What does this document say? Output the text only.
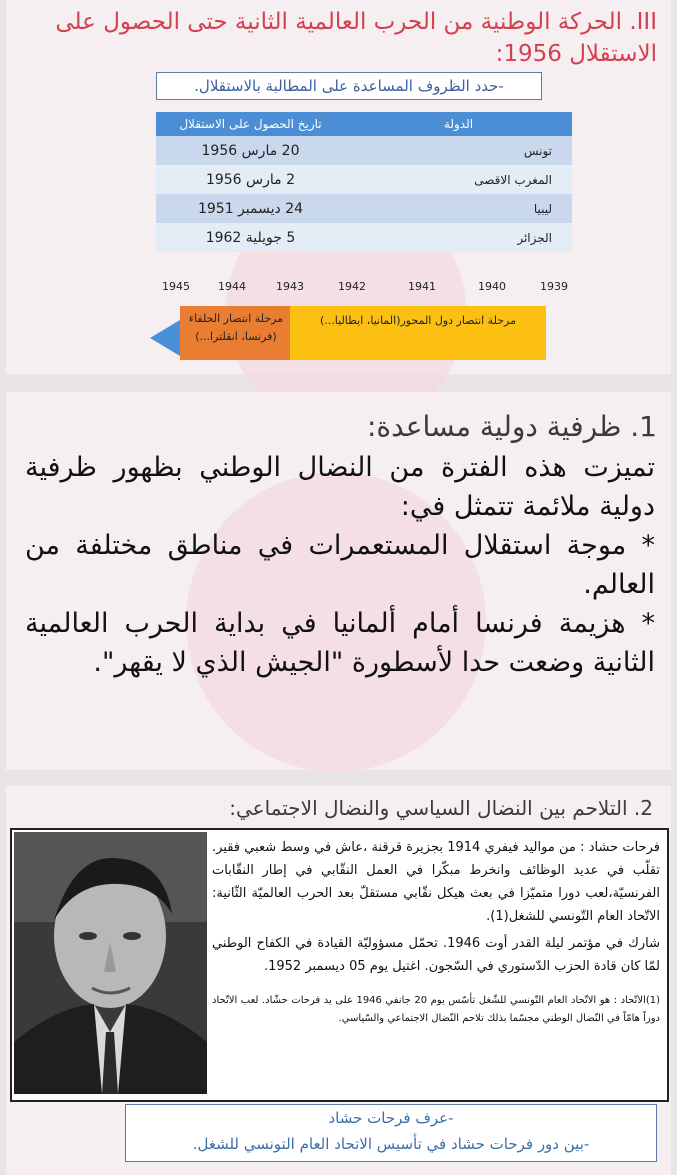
III. الحركة الوطنية من الحرب العالمية الثانية حتى الحصول على الاستقلال 1956:
-حدد الظروف المساعدة على المطالبة بالاستقلال.
الدولة	تاريخ الحصول على الاستقلال
تونس	20 مارس 1956
المغرب الاقصى	2 مارس 1956
ليبيا	24 ديسمبر 1951
الجزائر	5 جويلية 1962
1939
1940
1941
1942
1943
1944
1945
مرحلة انتصار دول المحور(المانيا، ايطاليا...)
مرحلة انتصار الحلفاء (فرنسا، انقلترا...)
1. ظرفية دولية مساعدة:
تميزت هذه الفترة من النضال الوطني بظهور ظرفية دولية ملائمة تتمثل في:
* موجة استقلال المستعمرات في مناطق مختلفة من العالم.
* هزيمة فرنسا أمام ألمانيا في بداية الحرب العالمية الثانية وضعت حدا لأسطورة "الجيش الذي لا يقهر".
2. التلاحم بين النضال السياسي والنضال الاجتماعي:

فرحات حشاد : من مواليد فيفري 1914 بجزيرة قرقنة ،عاش في وسط شعبي فقير. تقلّب في عديد الوظائف وانخرط مبكّرا في العمل النقّابي في إطار النقّابات الفرنسيّة،لعب دورا متميّزا في بعث هيكل نقّابي مستقلّ بعد الحرب العالميّة الثّانية: الاتّحاد العام التّونسي للشغل(1).

شارك في مؤتمر ليلة القدر أوت 1946. تحمّل مسؤوليّة القيادة في الكفاح الوطني لمّا كان قادة الحزب الدّستوري في السّجون. اغتيل يوم 05 ديسمبر 1952.

(1)الاتّحاد : هو الاتّحاد العام التّونسي للشّغل تأسّس يوم 20 جانفي 1946 على يد فرحات حشّاد. لعب الاتّحاد دوراً هامّاً في النّضال الوطني مجسّما بذلك تلاحم النّضال الاجتماعي والسّياسي.

-عرف فرحات حشاد
-بين دور فرحات حشاد في تأسيس الاتحاد العام التونسي للشغل.
